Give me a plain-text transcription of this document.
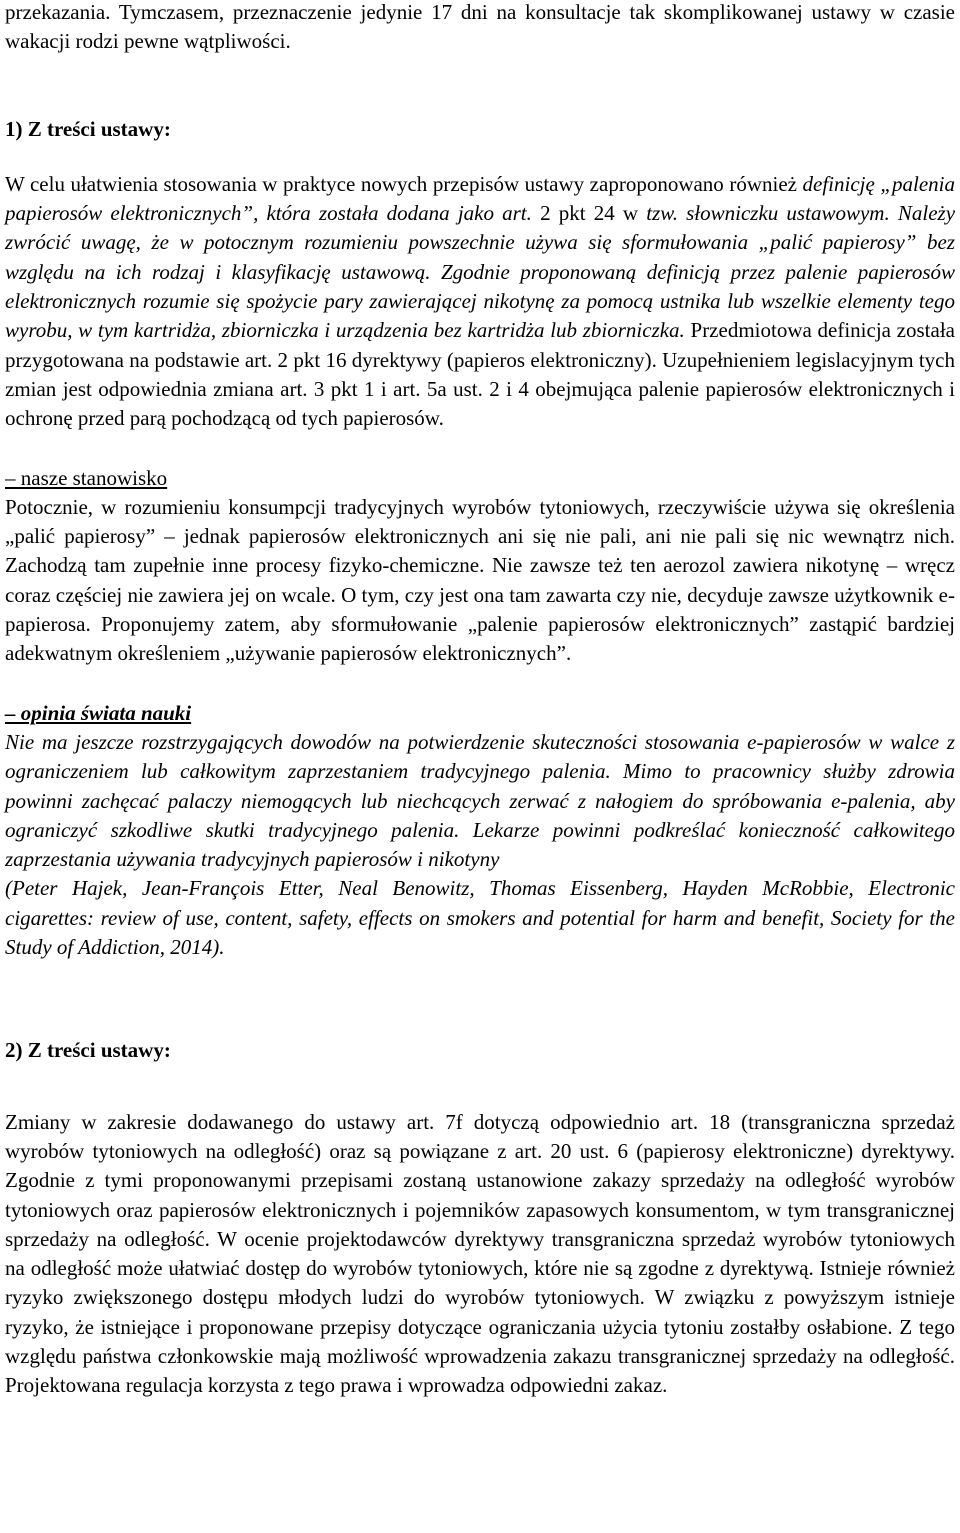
przekazania. Tymczasem, przeznaczenie jedynie 17 dni na konsultacje tak skomplikowanej ustawy w czasie wakacji rodzi pewne wątpliwości.

1) Z treści ustawy:

W celu ułatwienia stosowania w praktyce nowych przepisów ustawy zaproponowano również definicję „palenia papierosów elektronicznych”, która została dodana jako art. 2 pkt 24 w tzw. słowniczku ustawowym. Należy zwrócić uwagę, że w potocznym rozumieniu powszechnie używa się sformułowania „palić papierosy” bez względu na ich rodzaj i klasyfikację ustawową. Zgodnie proponowaną definicją przez palenie papierosów elektronicznych rozumie się spożycie pary zawierającej nikotynę za pomocą ustnika lub wszelkie elementy tego wyrobu, w tym kartridża, zbiorniczka i urządzenia bez kartridża lub zbiorniczka. Przedmiotowa definicja została przygotowana na podstawie art. 2 pkt 16 dyrektywy (papieros elektroniczny). Uzupełnieniem legislacyjnym tych zmian jest odpowiednia zmiana art. 3 pkt 1 i art. 5a ust. 2 i 4 obejmująca palenie papierosów elektronicznych i ochronę przed parą pochodzącą od tych papierosów.

– nasze stanowisko

Potocznie, w rozumieniu konsumpcji tradycyjnych wyrobów tytoniowych, rzeczywiście używa się określenia „palić papierosy” – jednak papierosów elektronicznych ani się nie pali, ani nie pali się nic wewnątrz nich. Zachodzą tam zupełnie inne procesy fizyko-chemiczne. Nie zawsze też ten aerozol zawiera nikotynę – wręcz coraz częściej nie zawiera jej on wcale. O tym, czy jest ona tam zawarta czy nie, decyduje zawsze użytkownik e-papierosa. Proponujemy zatem, aby sformułowanie „palenie papierosów elektronicznych” zastąpić bardziej adekwatnym określeniem „używanie papierosów elektronicznych”.

– opinia świata nauki

Nie ma jeszcze rozstrzygających dowodów na potwierdzenie skuteczności stosowania e-papierosów w walce z ograniczeniem lub całkowitym zaprzestaniem tradycyjnego palenia. Mimo to pracownicy służby zdrowia powinni zachęcać palaczy niemogących lub niechcących zerwać z nałogiem do spróbowania e-palenia, aby ograniczyć szkodliwe skutki tradycyjnego palenia. Lekarze powinni podkreślać konieczność całkowitego zaprzestania używania tradycyjnych papierosów i nikotyny

(Peter Hajek, Jean-François Etter, Neal Benowitz, Thomas Eissenberg, Hayden McRobbie, Electronic cigarettes: review of use, content, safety, effects on smokers and potential for harm and benefit, Society for the Study of Addiction, 2014).

2) Z treści ustawy:

Zmiany w zakresie dodawanego do ustawy art. 7f dotyczą odpowiednio art. 18 (transgraniczna sprzedaż wyrobów tytoniowych na odległość) oraz są powiązane z art. 20 ust. 6 (papierosy elektroniczne) dyrektywy. Zgodnie z tymi proponowanymi przepisami zostaną ustanowione zakazy sprzedaży na odległość wyrobów tytoniowych oraz papierosów elektronicznych i pojemników zapasowych konsumentom, w tym transgranicznej sprzedaży na odległość. W ocenie projektodawców dyrektywy transgraniczna sprzedaż wyrobów tytoniowych na odległość może ułatwiać dostęp do wyrobów tytoniowych, które nie są zgodne z dyrektywą. Istnieje również ryzyko zwiększonego dostępu młodych ludzi do wyrobów tytoniowych. W związku z powyższym istnieje ryzyko, że istniejące i proponowane przepisy dotyczące ograniczania użycia tytoniu zostałby osłabione. Z tego względu państwa członkowskie mają możliwość wprowadzenia zakazu transgranicznej sprzedaży na odległość. Projektowana regulacja korzysta z tego prawa i wprowadza odpowiedni zakaz.
